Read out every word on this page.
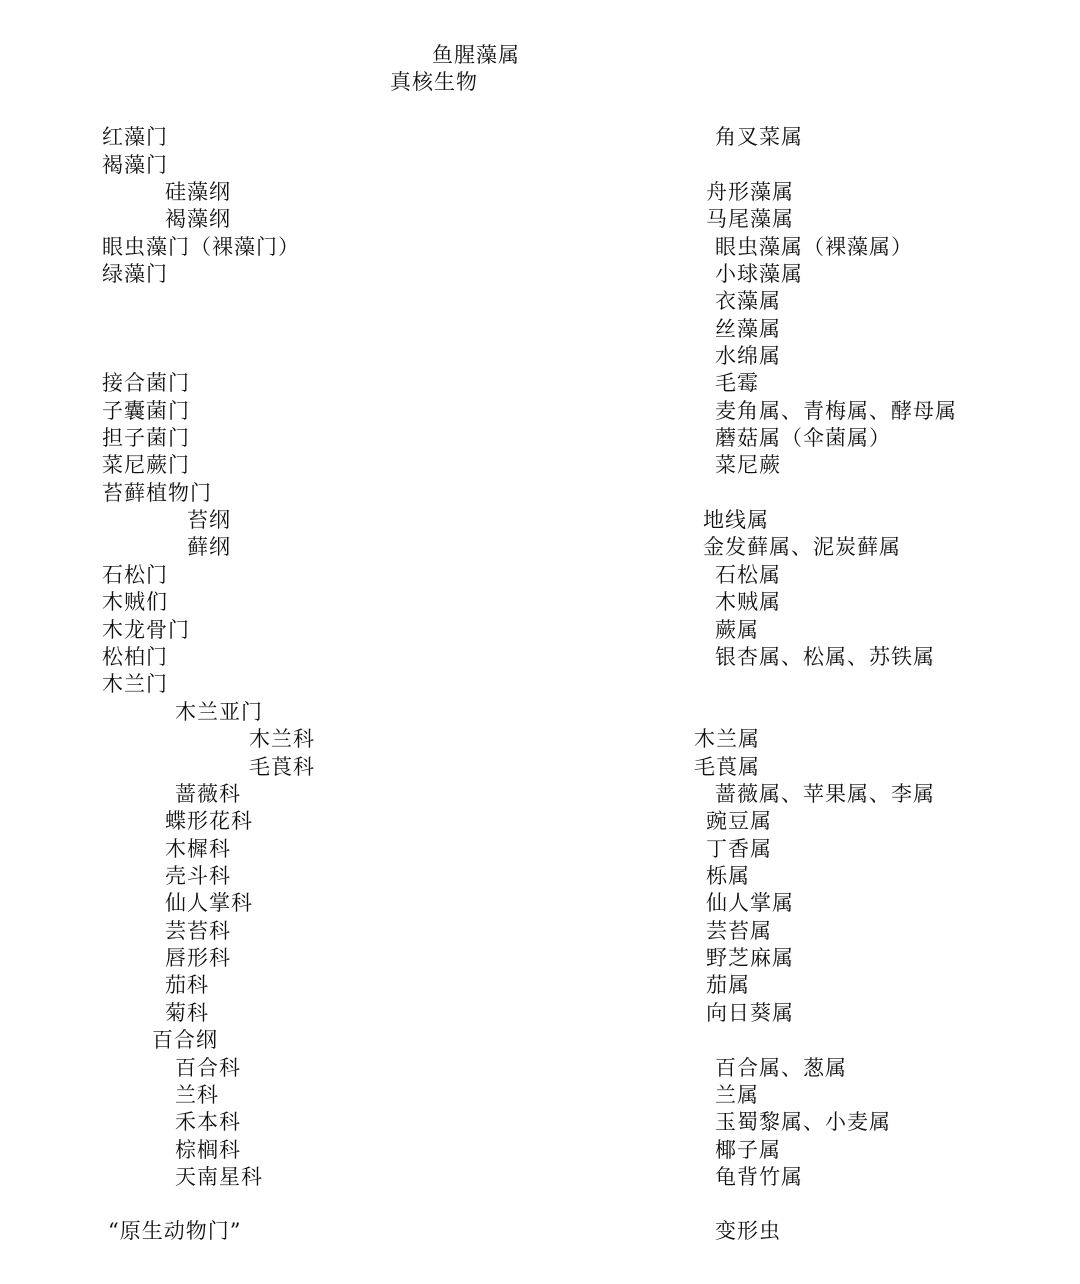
鱼腥藻属
真核生物
红藻门
褐藻门
硅藻纲
褐藻纲
眼虫藻门（裸藻门）
绿藻门
接合菌门
子囊菌门
担子菌门
菜尼蕨门
苔藓植物门
苔纲
藓纲
石松门
木贼们
木龙骨门
松柏门
木兰门
木兰亚门
木兰科
毛莨科
蔷薇科
蝶形花科
木樨科
壳斗科
仙人掌科
芸苔科
唇形科
茄科
菊科
百合纲
百合科
兰科
禾本科
棕榈科
天南星科
“原生动物门”
角叉菜属
舟形藻属
马尾藻属
眼虫藻属（裸藻属）
小球藻属
衣藻属
丝藻属
水绵属
毛霉
麦角属、青梅属、酵母属
蘑菇属（伞菌属）
菜尼蕨
地线属
金发藓属、泥炭藓属
石松属
木贼属
蕨属
银杏属、松属、苏铁属
木兰属
毛莨属
蔷薇属、苹果属、李属
豌豆属
丁香属
栎属
仙人掌属
芸苔属
野芝麻属
茄属
向日葵属
百合属、葱属
兰属
玉蜀黎属、小麦属
椰子属
龟背竹属
变形虫
